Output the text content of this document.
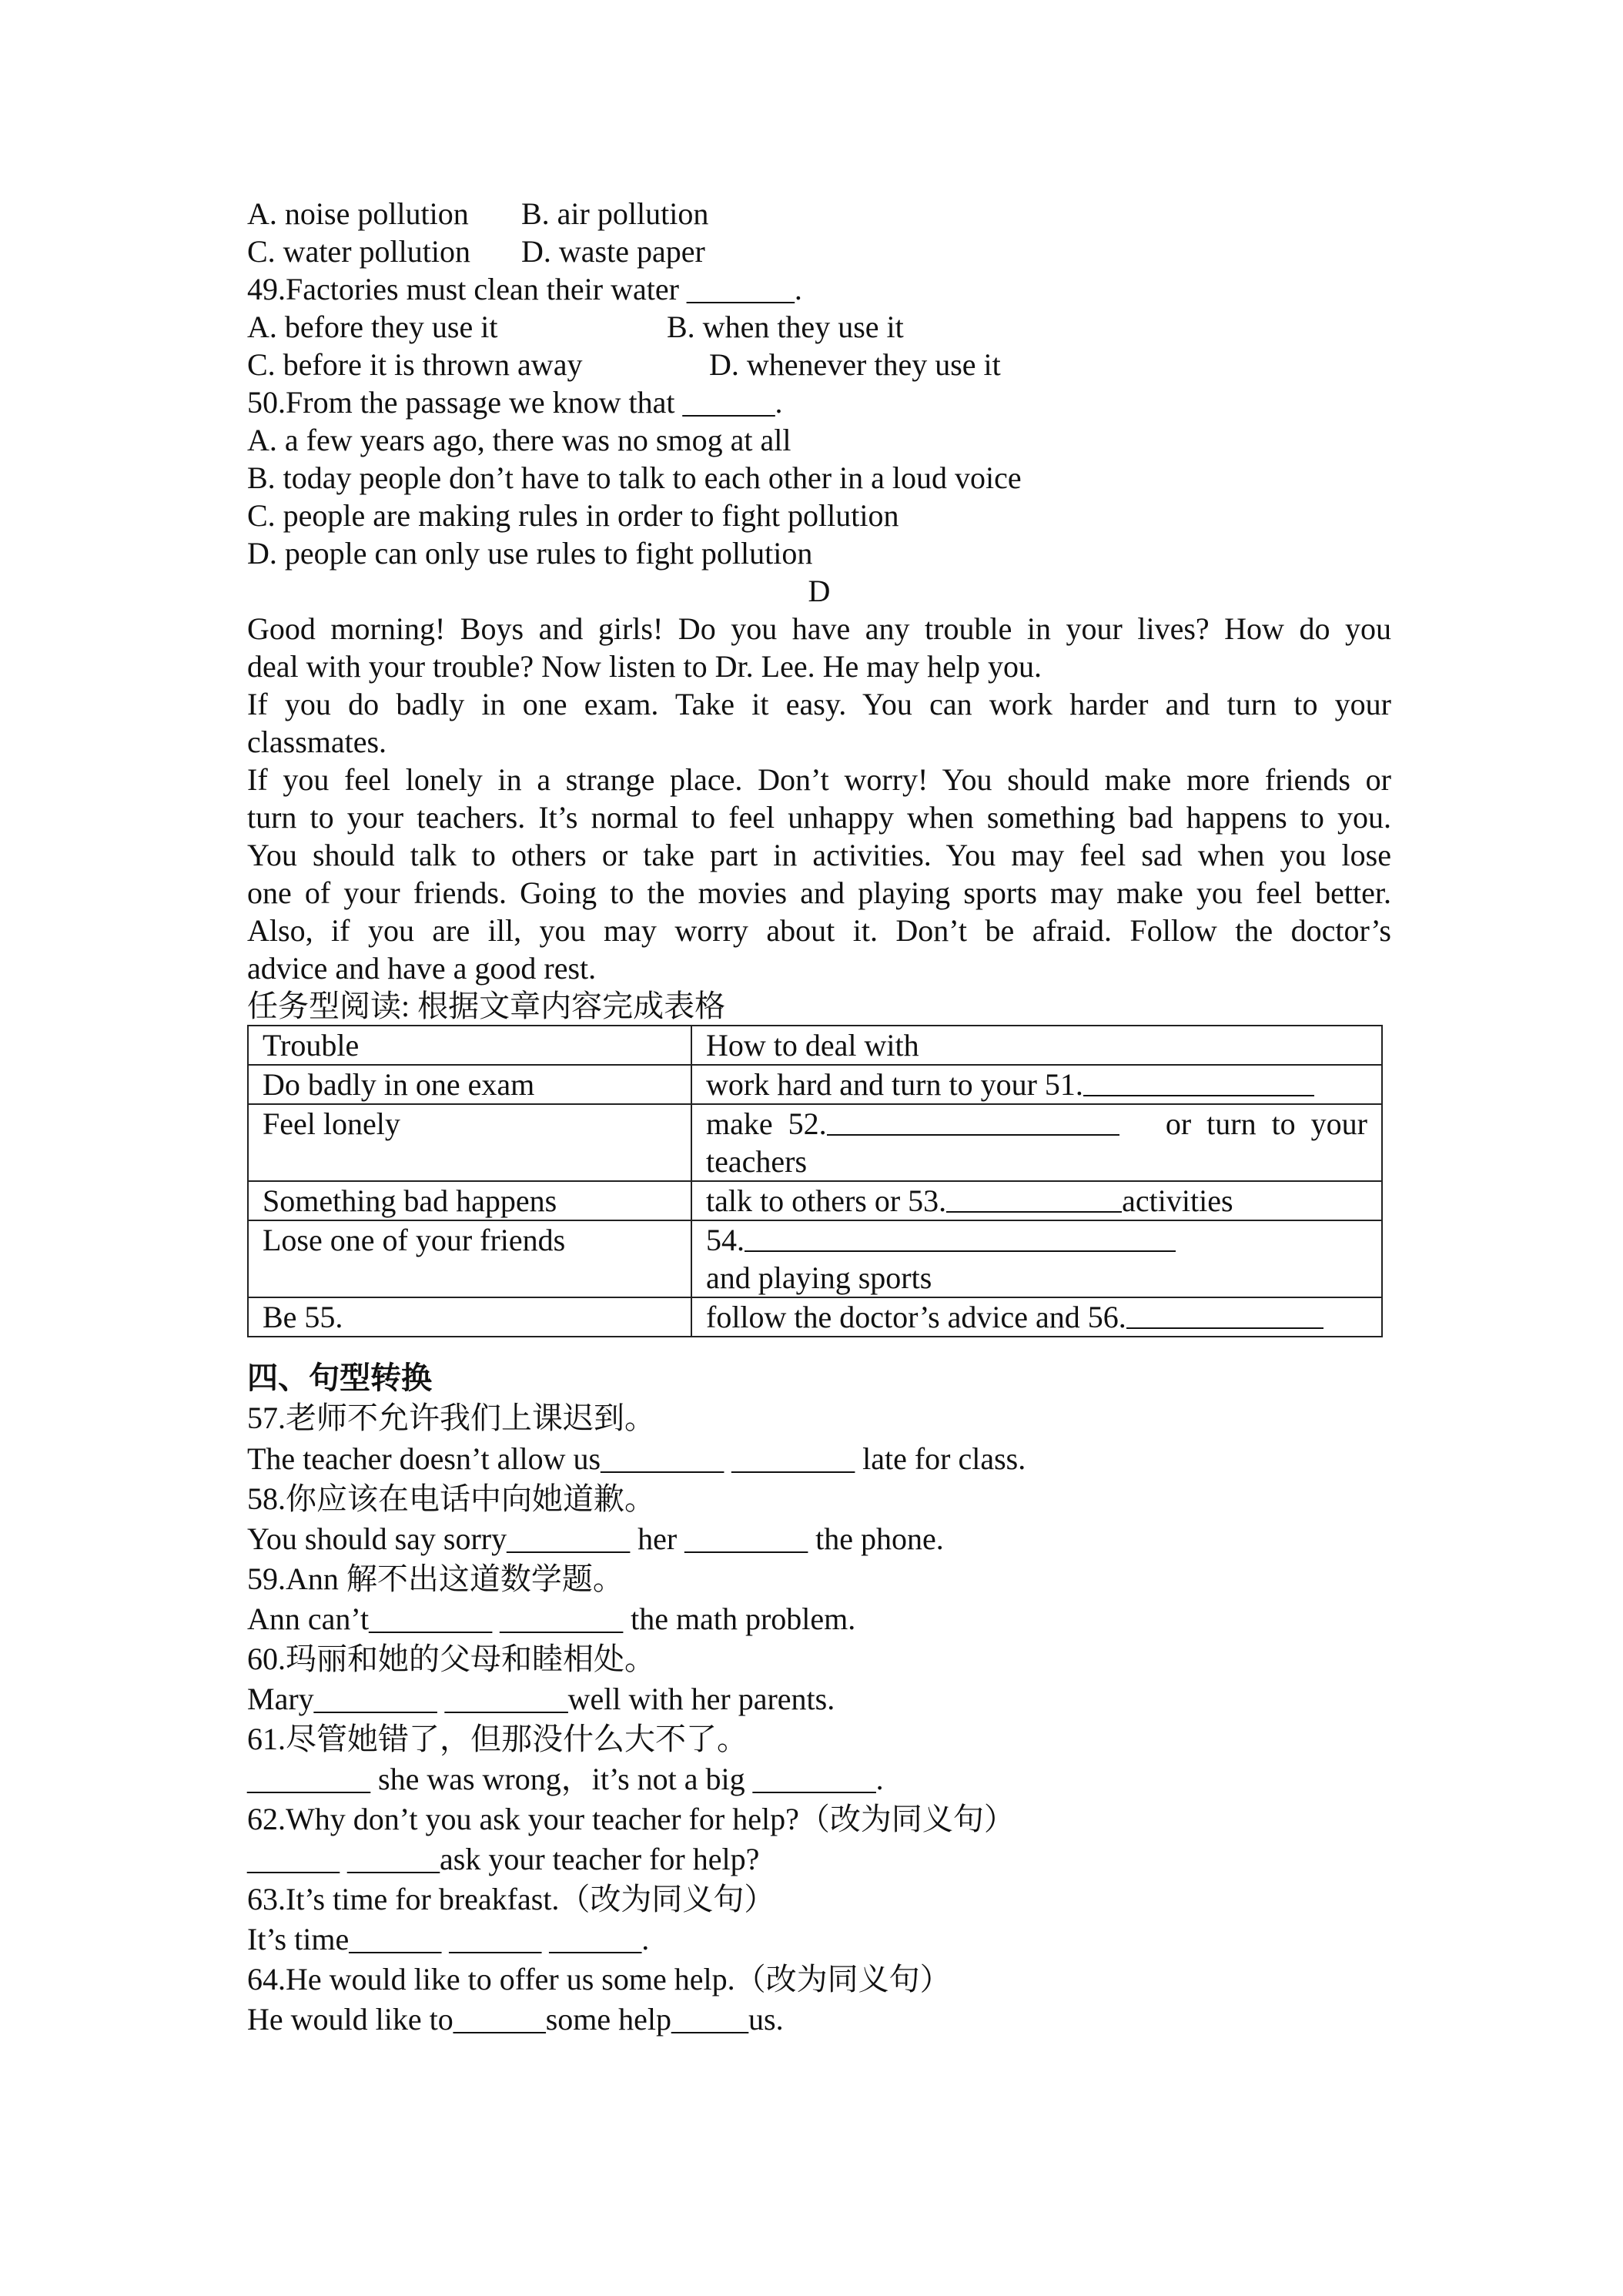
A. noise pollution	B. air pollution
C. water pollution	D. waste paper
49.Factories must clean their water _______.
A. before they use it	B. when they use it
C. before it is thrown away	D. whenever they use it
50.From the passage we know that ______.
A. a few years ago, there was no smog at all
B. today people don’t have to talk to each other in a loud voice
C. people are making rules in order to fight pollution
D. people can only use rules to fight pollution
D
Good morning! Boys and girls! Do you have any trouble in your lives? How do you
deal with your trouble? Now listen to Dr. Lee. He may help you.
If you do badly in one exam. Take it easy. You can work harder and turn to your
classmates.
If you feel lonely in a strange place. Don’t worry! You should make more friends or
turn to your teachers. It’s normal to feel unhappy when something bad happens to you.
You should talk to others or take part in activities. You may feel sad when you lose
one of your friends. Going to the movies and playing sports may make you feel better.
Also, if you are ill, you may worry about it. Don’t be afraid. Follow the doctor’s
advice and have a good rest.
任务型阅读: 根据文章内容完成表格
Trouble	How to deal with
Do badly in one exam	work hard and turn to your 51.
Feel lonely	make  52. or  turn  to  your
teachers

Something bad happens	talk to others or 53. activities
Lose one of your friends	54.
and playing sports

Be 55.	follow the doctor’s advice and 56.
四、句型转换
57.老师不允许我们上课迟到。
The teacher doesn’t allow us________ ________ late for class.
58.你应该在电话中向她道歉。
You should say sorry________ her ________ the phone.
59.Ann 解不出这道数学题。
Ann can’t________ ________ the math problem.
60.玛丽和她的父母和睦相处。
Mary________ ________well with her parents.
61.尽管她错了，但那没什么大不了。
________ she was wrong，it’s not a big ________.
62.Why don’t you ask your teacher for help?（改为同义句）
______ ______ask your teacher for help?
63.It’s time for breakfast.（改为同义句）
It’s time______ ______ ______.
64.He would like to offer us some help.（改为同义句）
He would like to______some help_____us.
